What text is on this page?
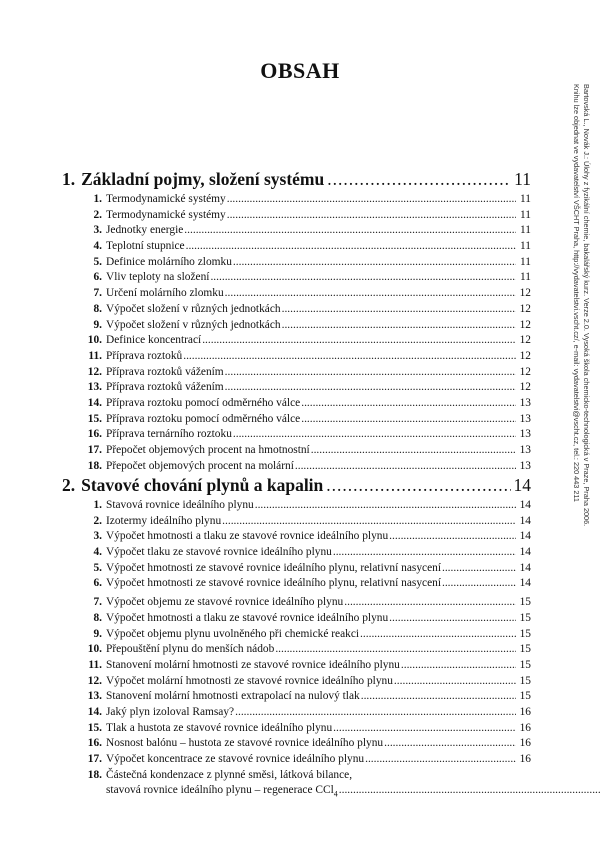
OBSAH
Bartovská L., Novák J.: Úlohy z fyzikální chemie, bakalářský kurz. Verze 2.0. Vysoká škola chemicko-technologická v Praze, Praha 2006.
Knihu lze objednat ve vydavatelství VŠCHT Praha, http://vydavatelstvi.vscht.cz/, e-mail: vydavatelstvi@vscht.cz, tel.: 220 443 211
1. Základní pojmy, složení systému .....	11
1. Termodynamické systémy .....	11
2. Termodynamické systémy .....	11
3. Jednotky energie .....	11
4. Teplotní stupnice .....	11
5. Definice molárního zlomku .....	11
6. Vliv teploty na složení .....	11
7. Určení molárního zlomku .....	12
8. Výpočet složení v různých jednotkách .....	12
9. Výpočet složení v různých jednotkách .....	12
10. Definice koncentrací .....	12
11. Příprava roztoků .....	12
12. Příprava roztoků vážením .....	12
13. Příprava roztoků vážením .....	12
14. Příprava roztoku pomocí odměrného válce .....	13
15. Příprava roztoku pomocí odměrného válce .....	13
16. Příprava ternárního roztoku .....	13
17. Přepočet objemových procent na hmotnostní .....	13
18. Přepočet objemových procent na molární .....	13
2. Stavové chování plynů a kapalin .....	14
1. Stavová rovnice ideálního plynu .....	14
2. Izotermy ideálního plynu .....	14
3. Výpočet hmotnosti a tlaku ze stavové rovnice ideálního plynu .....	14
4. Výpočet tlaku ze stavové rovnice ideálního plynu .....	14
5. Výpočet hmotnosti ze stavové rovnice ideálního plynu, relativní nasycení .....	14
6. Výpočet hmotnosti ze stavové rovnice ideálního plynu, relativní nasycení .....	14
7. Výpočet objemu ze stavové rovnice ideálního plynu .....	15
8. Výpočet hmotnosti a tlaku ze stavové rovnice ideálního plynu .....	15
9. Výpočet objemu plynu uvolněného při chemické reakci .....	15
10. Přepouštění plynu do menších nádob .....	15
11. Stanovení molární hmotnosti ze stavové rovnice ideálního plynu .....	15
12. Výpočet molární hmotnosti ze stavové rovnice ideálního plynu .....	15
13. Stanovení molární hmotnosti extrapolací na nulový tlak .....	15
14. Jaký plyn izoloval Ramsay? .....	16
15. Tlak a hustota ze stavové rovnice ideálního plynu .....	16
16. Nosnost balónu – hustota ze stavové rovnice ideálního plynu .....	16
17. Výpočet koncentrace ze stavové rovnice ideálního plynu .....	16
18. Částečná kondenzace z plynné směsi, látková bilance,
stavová rovnice ideálního plynu – regenerace CCl$_4$
.....
